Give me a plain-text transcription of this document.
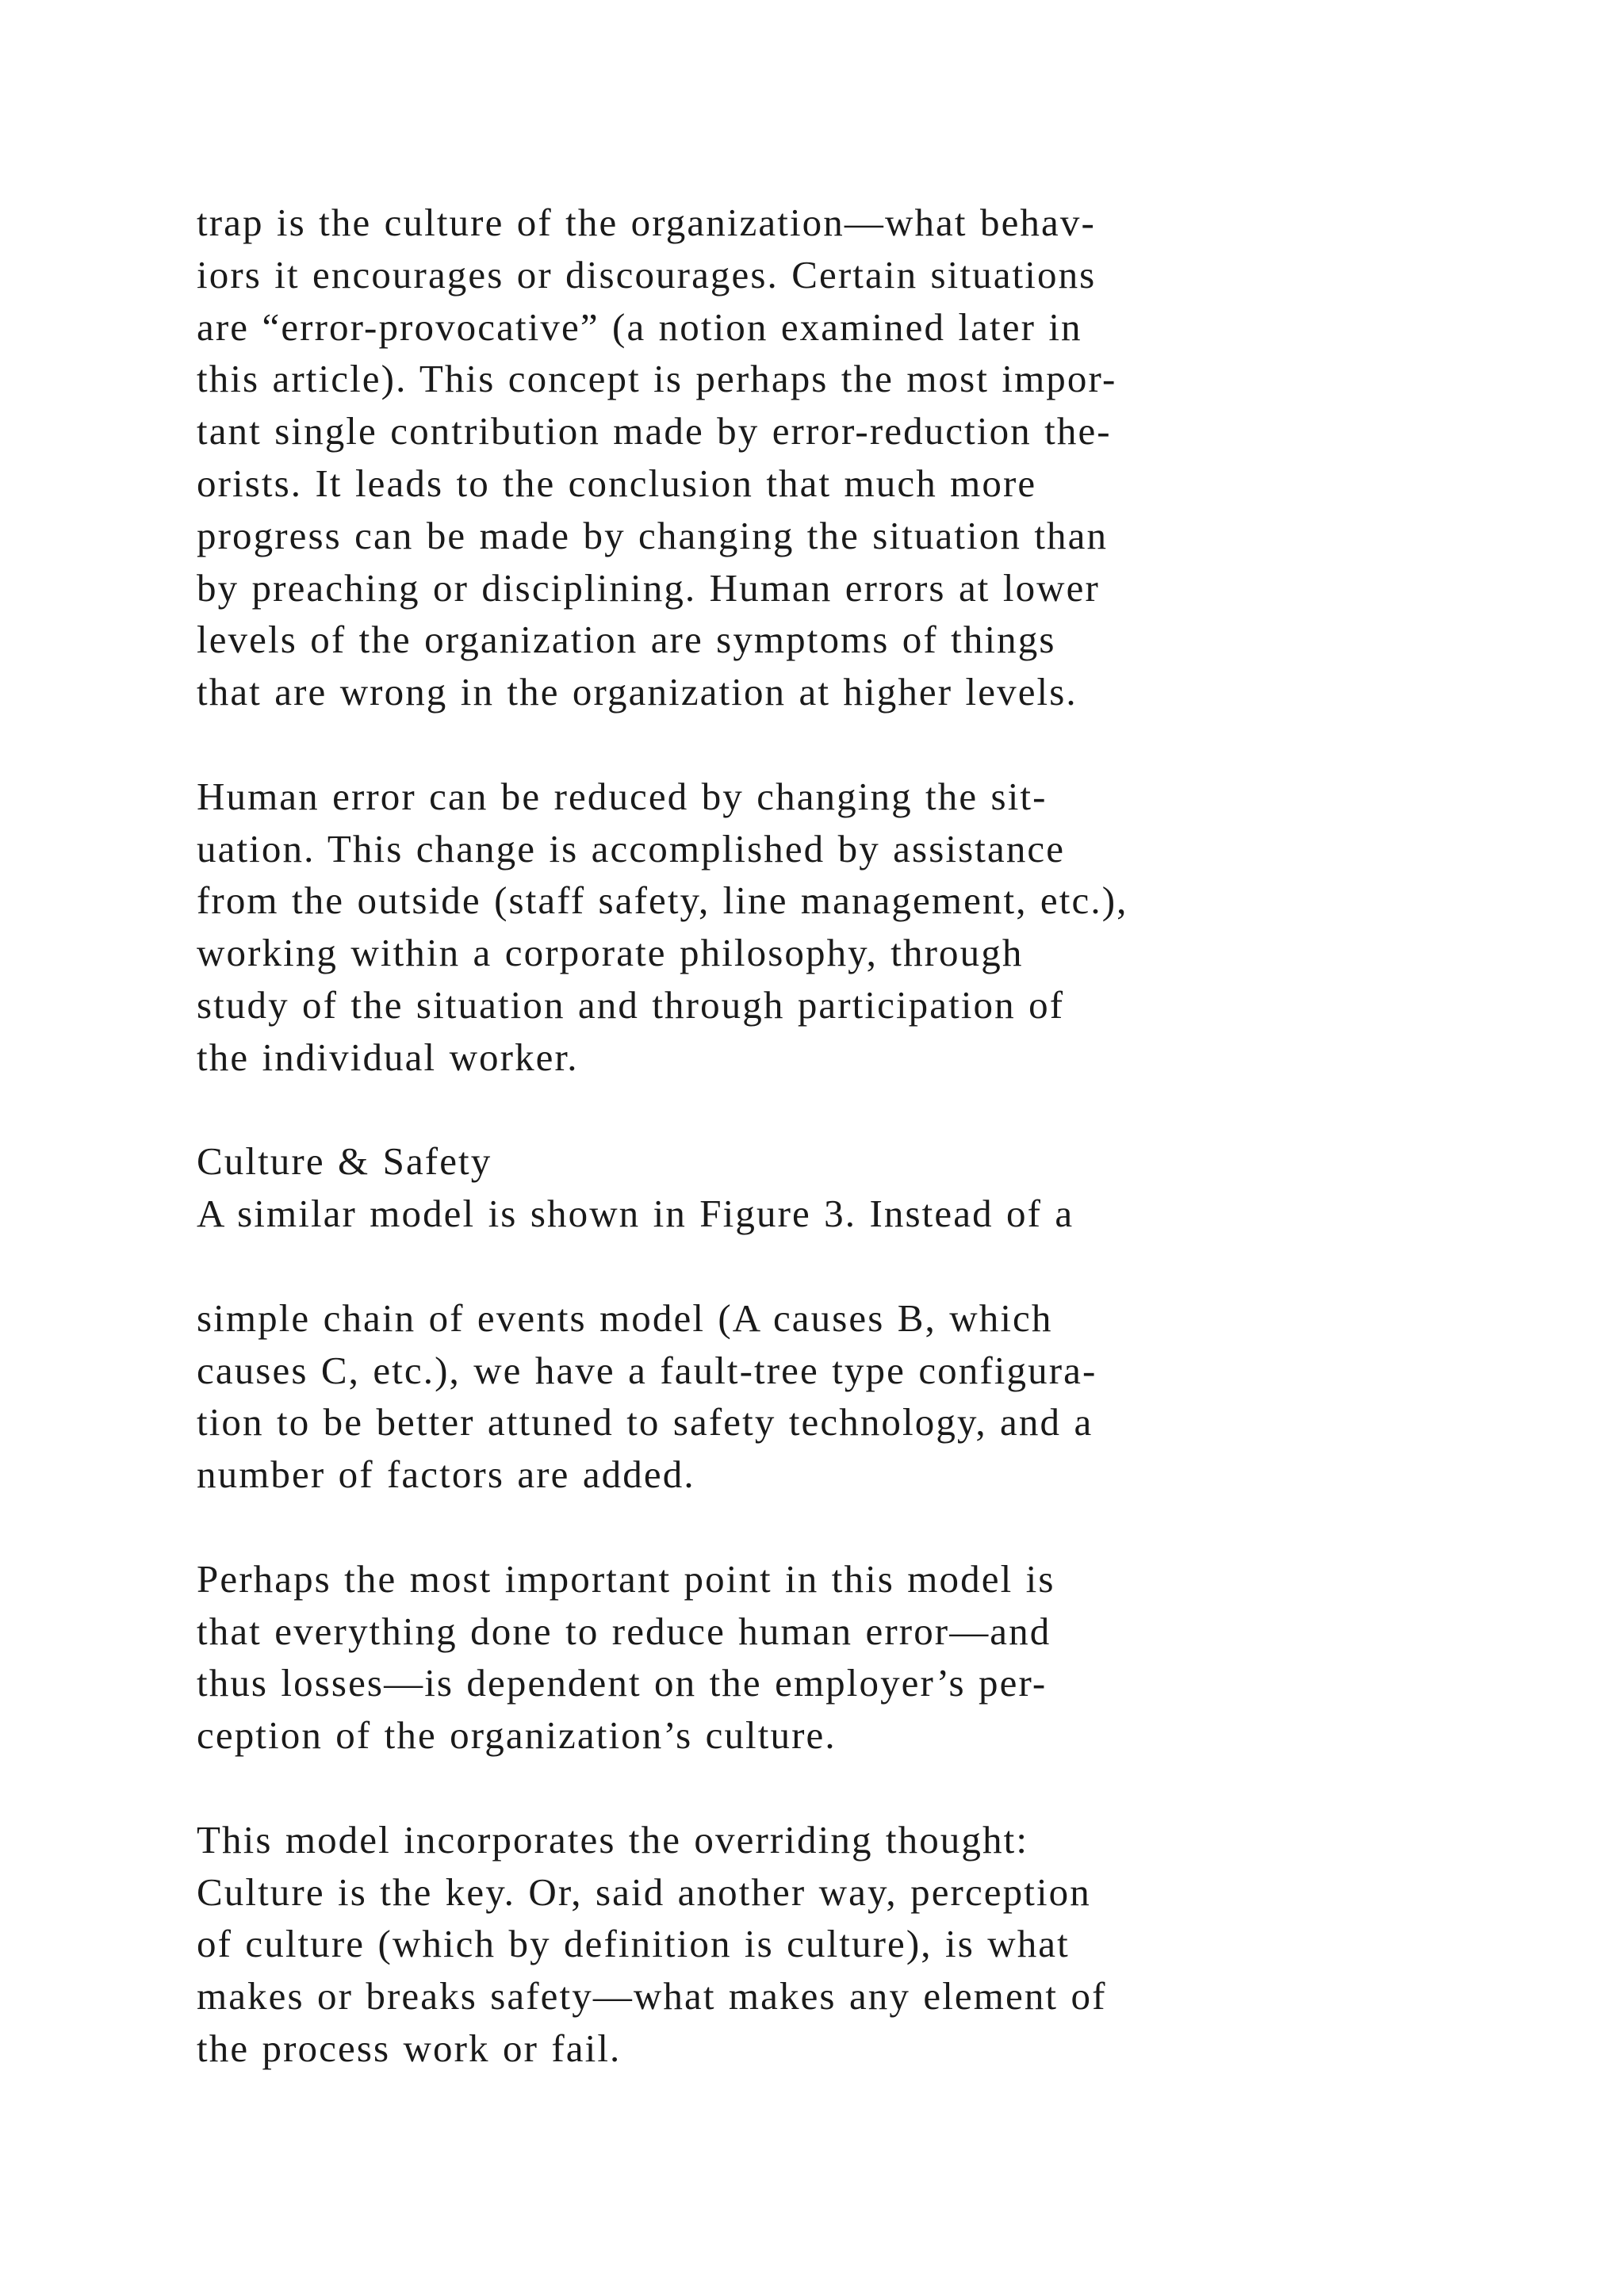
trap is the culture of the organization—what behav-
iors it encourages or discourages. Certain situations
are “error-provocative” (a notion examined later in
this article). This concept is perhaps the most impor-
tant single contribution made by error-reduction the-
orists. It leads to the conclusion that much more
progress can be made by changing the situation than
by preaching or disciplining. Human errors at lower
levels of the organization are symptoms of things
that are wrong in the organization at higher levels.
Human error can be reduced by changing the sit-
uation. This change is accomplished by assistance
from the outside (staff safety, line management, etc.),
working within a corporate philosophy, through
study of the situation and through participation of
the individual worker.
Culture & Safety
A similar model is shown in Figure 3. Instead of a
simple chain of events model (A causes B, which
causes C, etc.), we have a fault-tree type configura-
tion to be better attuned to safety technology, and a
number of factors are added.
Perhaps the most important point in this model is
that everything done to reduce human error—and
thus losses—is dependent on the employer’s per-
ception of the organization’s culture.
This model incorporates the overriding thought:
Culture is the key. Or, said another way, perception
of culture (which by definition is culture), is what
makes or breaks safety—what makes any element of
the process work or fail.
